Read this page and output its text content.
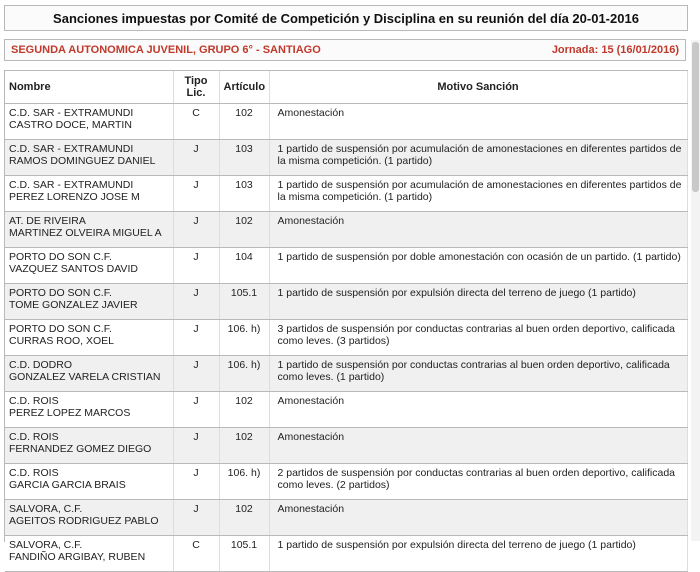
Sanciones impuestas por Comité de Competición y Disciplina en su reunión del día 20-01-2016
SEGUNDA AUTONOMICA JUVENIL, GRUPO 6° - SANTIAGO	Jornada: 15 (16/01/2016)
Nombre	Tipo Lic.	Artículo	Motivo Sanción

C.D. SAR - EXTRAMUNDI
CASTRO DOCE, MARTIN	C	102	Amonestación

C.D. SAR - EXTRAMUNDI
RAMOS DOMINGUEZ DANIEL	J	103	1 partido de suspensión por acumulación de amonestaciones en diferentes partidos de la misma competición. (1 partido)

C.D. SAR - EXTRAMUNDI
PEREZ LORENZO JOSE M	J	103	1 partido de suspensión por acumulación de amonestaciones en diferentes partidos de la misma competición. (1 partido)

AT. DE RIVEIRA
MARTINEZ OLVEIRA MIGUEL A	J	102	Amonestación

PORTO DO SON C.F.
VAZQUEZ SANTOS DAVID	J	104	1 partido de suspensión por doble amonestación con ocasión de un partido. (1 partido)

PORTO DO SON C.F.
TOME GONZALEZ JAVIER	J	105.1	1 partido de suspensión por expulsión directa del terreno de juego (1 partido)

PORTO DO SON C.F.
CURRAS ROO, XOEL	J	106. h)	3 partidos de suspensión por conductas contrarias al buen orden deportivo, calificada como leves. (3 partidos)

C.D. DODRO
GONZALEZ VARELA CRISTIAN	J	106. h)	1 partido de suspensión por conductas contrarias al buen orden deportivo, calificada como leves. (1 partido)

C.D. ROIS
PEREZ LOPEZ MARCOS	J	102	Amonestación

C.D. ROIS
FERNANDEZ GOMEZ DIEGO	J	102	Amonestación

C.D. ROIS
GARCIA GARCIA BRAIS	J	106. h)	2 partidos de suspensión por conductas contrarias al buen orden deportivo, calificada como leves. (2 partidos)

SALVORA, C.F.
AGEITOS RODRIGUEZ PABLO	J	102	Amonestación

SALVORA, C.F.
FANDIÑO ARGIBAY, RUBEN	C	105.1	1 partido de suspensión por expulsión directa del terreno de juego (1 partido)
